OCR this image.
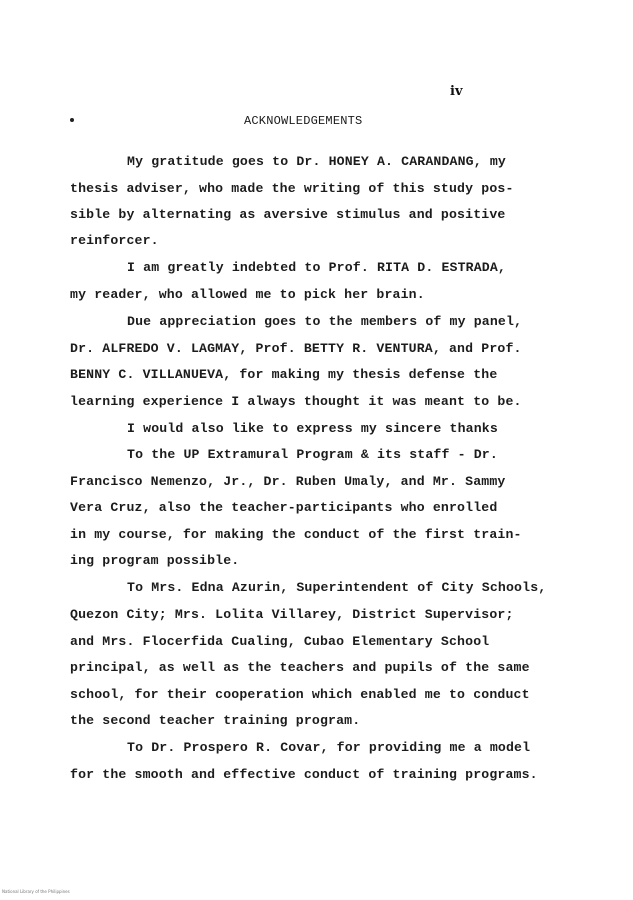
iv
ACKNOWLEDGEMENTS
My gratitude goes to Dr. HONEY A. CARANDANG, my
thesis adviser, who made the writing of this study pos-
sible by alternating as aversive stimulus and positive
reinforcer.
I am greatly indebted to Prof. RITA D. ESTRADA,
my reader, who allowed me to pick her brain.
Due appreciation goes to the members of my panel,
Dr. ALFREDO V. LAGMAY, Prof. BETTY R. VENTURA, and Prof.
BENNY C. VILLANUEVA, for making my thesis defense the
learning experience I always thought it was meant to be.
I would also like to express my sincere thanks
To the UP Extramural Program & its staff - Dr.
Francisco Nemenzo, Jr., Dr. Ruben Umaly, and Mr. Sammy
Vera Cruz, also the teacher-participants who enrolled
in my course, for making the conduct of the first train-
ing program possible.
To Mrs. Edna Azurin, Superintendent of City Schools,
Quezon City; Mrs. Lolita Villarey, District Supervisor;
and Mrs. Flocerfida Cualing, Cubao Elementary School
principal, as well as the teachers and pupils of the same
school, for their cooperation which enabled me to conduct
the second teacher training program.
To Dr. Prospero R. Covar, for providing me a model
for the smooth and effective conduct of training programs.
National Library of the Philippines
